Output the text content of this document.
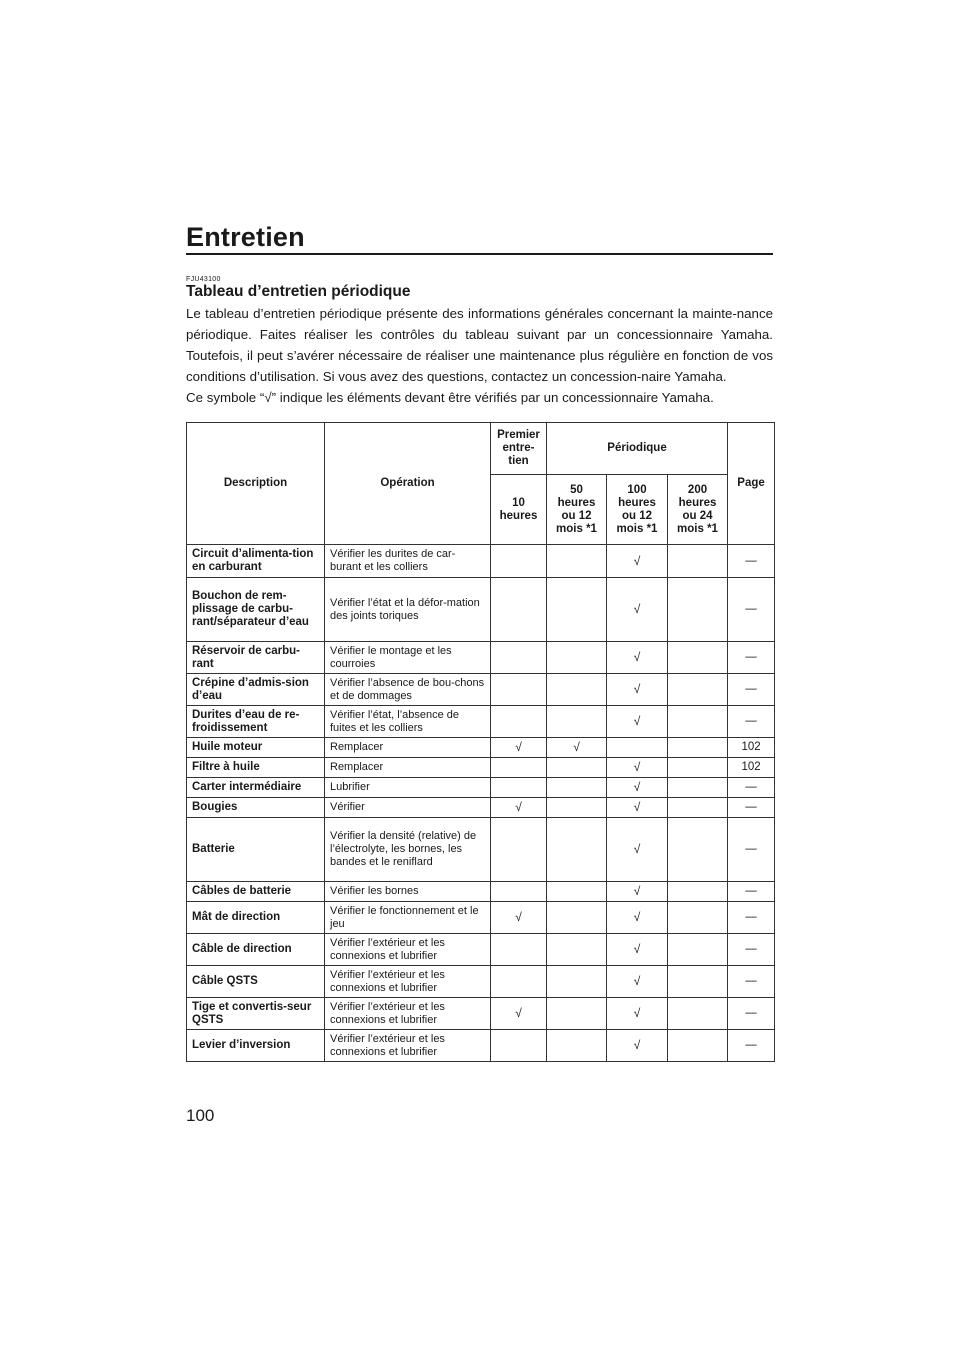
Entretien
100
FJU43100
Tableau d’entretien périodique

Le tableau d’entretien périodique présente des informations générales concernant la mainte-nance périodique. Faites réaliser les contrôles du tableau suivant par un concessionnaire Yamaha. Toutefois, il peut s’avérer nécessaire de réaliser une maintenance plus régulière en fonction de vos conditions d’utilisation. Si vous avez des questions, contactez un concession-naire Yamaha.

Ce symbole “√” indique les éléments devant être vérifiés par un concessionnaire Yamaha.

Description	Opération	Premier entre-tien	Périodique			Page
		10 heures	50 heures ou 12 mois *1	100 heures ou 12 mois *1	200 heures ou 24 mois *1	
Circuit d’alimenta-tion en carburant	Vérifier les durites de car-burant et les colliers			√		—
Bouchon de rem-plissage de carbu-rant/séparateur d’eau	Vérifier l’état et la défor-mation des joints toriques			√		—
Réservoir de carbu-rant	Vérifier le montage et les courroies			√		—
Crépine d’admis-sion d’eau	Vérifier l’absence de bou-chons et de dommages			√		—
Durites d’eau de re-froidissement	Vérifier l’état, l’absence de fuites et les colliers			√		—
Huile moteur	Remplacer	√	√			102
Filtre à huile	Remplacer			√		102
Carter intermédiaire	Lubrifier			√		—
Bougies	Vérifier	√		√		—
Batterie	Vérifier la densité (relative) de l’électrolyte, les bornes, les bandes et le reniflard			√		—
Câbles de batterie	Vérifier les bornes			√		—
Mât de direction	Vérifier le fonctionnement et le jeu	√		√		—
Câble de direction	Vérifier l’extérieur et les connexions et lubrifier			√		—
Câble QSTS	Vérifier l’extérieur et les connexions et lubrifier			√		—
Tige et convertis-seur QSTS	Vérifier l’extérieur et les connexions et lubrifier	√		√		—
Levier d’inversion	Vérifier l’extérieur et les connexions et lubrifier			√		—
